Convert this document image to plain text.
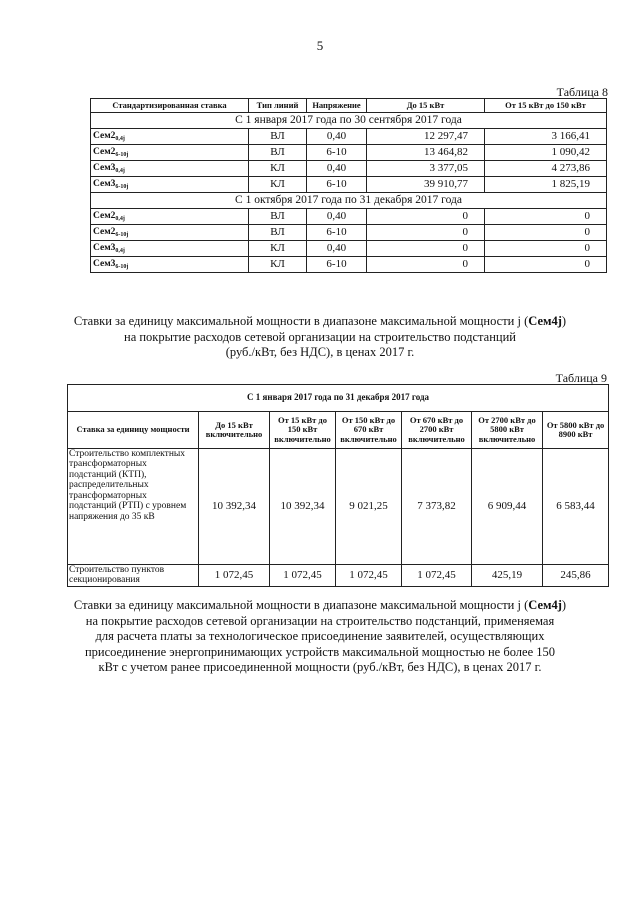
5
Таблица 8
Стандартизированная ставка	Тип линий	Напряжение	До 15 кВт	От 15 кВт до 150 кВт
С 1 января 2017 года по 30 сентября 2017 года				
$Сем2_{0,4j}$	ВЛ	0,40	12 297,47	3 166,41
$Сем2_{6-10j}$	ВЛ	6-10	13 464,82	1 090,42
$Сем3_{0,4j}$	КЛ	0,40	3 377,05	4 273,86
$Сем3_{6-10j}$	КЛ	6-10	39 910,77	1 825,19
С 1 октября 2017 года по 31 декабря 2017 года				
$Сем2_{0,4j}$	ВЛ	0,40	0	0
$Сем2_{6-10j}$	ВЛ	6-10	0	0
$Сем3_{0,4j}$	КЛ	0,40	0	0
$Сем3_{6-10j}$	КЛ	6-10	0	0
Ставки за единицу максимальной мощности в диапазоне максимальной мощности j (Сем4j)
на покрытие расходов сетевой организации на строительство подстанций
(руб./кВт, без НДС), в ценах 2017 г.
Таблица 9
С 1 января 2017 года по 31 декабря 2017 года						
Ставка за единицу мощности	До 15 кВт включительно	От 15 кВт до 150 кВт включительно	От 150 кВт до 670 кВт включительно	От 670 кВт до 2700 кВт включительно	От 2700 кВт до 5800 кВт включительно	От 5800 кВт до 8900 кВт
Строительство комплектных трансформаторных подстанций (КТП), распределительных трансформаторных подстанций (РТП) с уровнем напряжения до 35 кВ	10 392,34	10 392,34	9 021,25	7 373,82	6 909,44	6 583,44
Строительство пунктов секционирования	1 072,45	1 072,45	1 072,45	1 072,45	425,19	245,86
Ставки за единицу максимальной мощности в диапазоне максимальной мощности j (Сем4j)
на покрытие расходов сетевой организации на строительство подстанций, применяемая
для расчета платы за технологическое присоединение заявителей, осуществляющих
присоединение энергопринимающих устройств максимальной мощностью не более 150
кВт с учетом ранее присоединенной мощности (руб./кВт, без НДС), в ценах 2017 г.
